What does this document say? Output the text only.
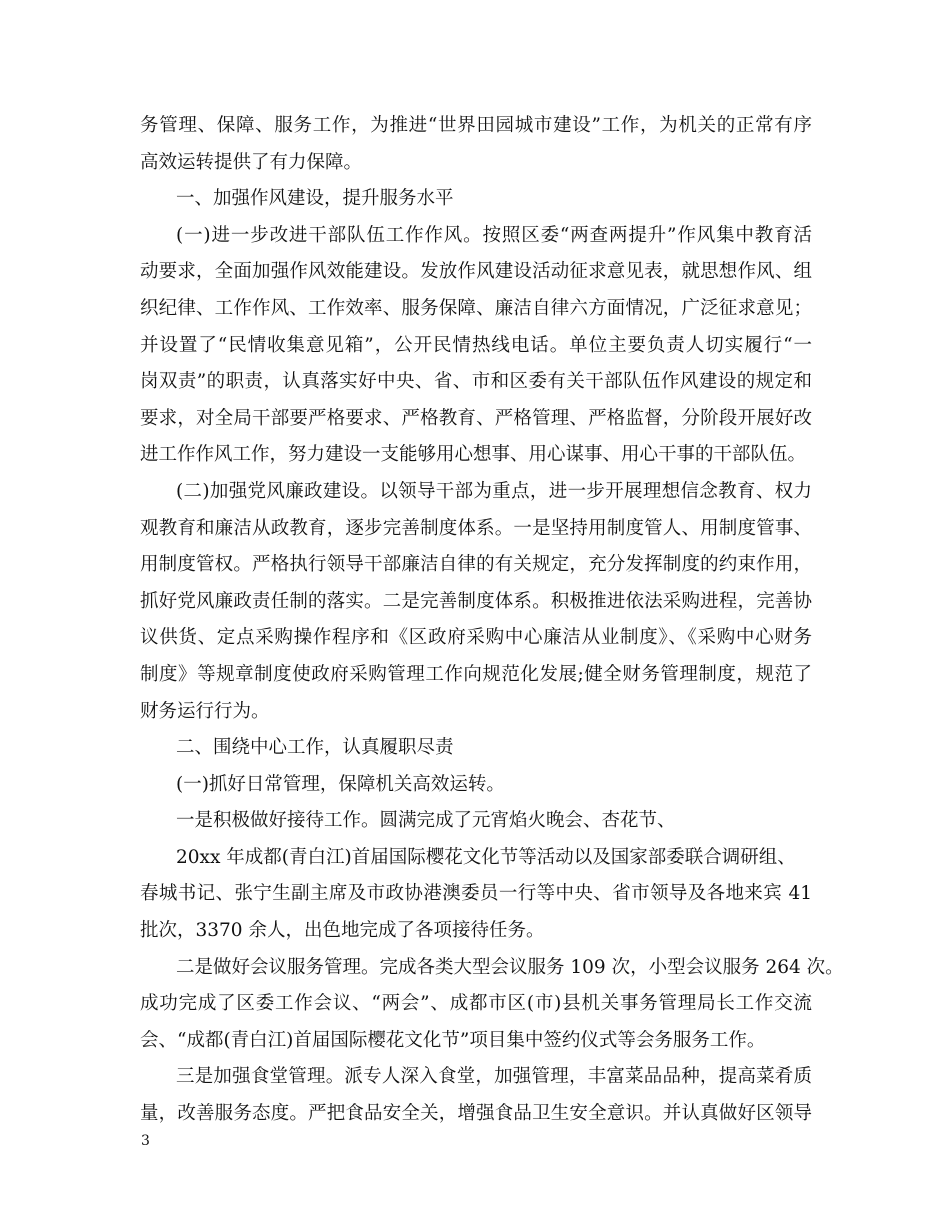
务管理、保障、服务工作，为推进“世界田园城市建设”工作，为机关的正常有序
高效运转提供了有力保障。
一、加强作风建设，提升服务水平
(一)进一步改进干部队伍工作作风。按照区委“两查两提升”作风集中教育活
动要求，全面加强作风效能建设。发放作风建设活动征求意见表，就思想作风、组
织纪律、工作作风、工作效率、服务保障、廉洁自律六方面情况，广泛征求意见；
并设置了“民情收集意见箱”，公开民情热线电话。单位主要负责人切实履行“一
岗双责”的职责，认真落实好中央、省、市和区委有关干部队伍作风建设的规定和
要求，对全局干部要严格要求、严格教育、严格管理、严格监督，分阶段开展好改
进工作作风工作，努力建设一支能够用心想事、用心谋事、用心干事的干部队伍。
(二)加强党风廉政建设。以领导干部为重点，进一步开展理想信念教育、权力
观教育和廉洁从政教育，逐步完善制度体系。一是坚持用制度管人、用制度管事、
用制度管权。严格执行领导干部廉洁自律的有关规定，充分发挥制度的约束作用，
抓好党风廉政责任制的落实。二是完善制度体系。积极推进依法采购进程，完善协
议供货、定点采购操作程序和《区政府采购中心廉洁从业制度》、《采购中心财务
制度》等规章制度使政府采购管理工作向规范化发展;健全财务管理制度，规范了
财务运行行为。
二、围绕中心工作，认真履职尽责
(一)抓好日常管理，保障机关高效运转。
一是积极做好接待工作。圆满完成了元宵焰火晚会、杏花节、
20xx 年成都(青白江)首届国际樱花文化节等活动以及国家部委联合调研组、
春城书记、张宁生副主席及市政协港澳委员一行等中央、省市领导及各地来宾 41
批次，3370 余人，出色地完成了各项接待任务。
二是做好会议服务管理。完成各类大型会议服务 109 次，小型会议服务 264 次。
成功完成了区委工作会议、“两会”、成都市区(市)县机关事务管理局长工作交流
会、“成都(青白江)首届国际樱花文化节”项目集中签约仪式等会务服务工作。
三是加强食堂管理。派专人深入食堂，加强管理，丰富菜品品种，提高菜肴质
量，改善服务态度。严把食品安全关，增强食品卫生安全意识。并认真做好区领导
3
